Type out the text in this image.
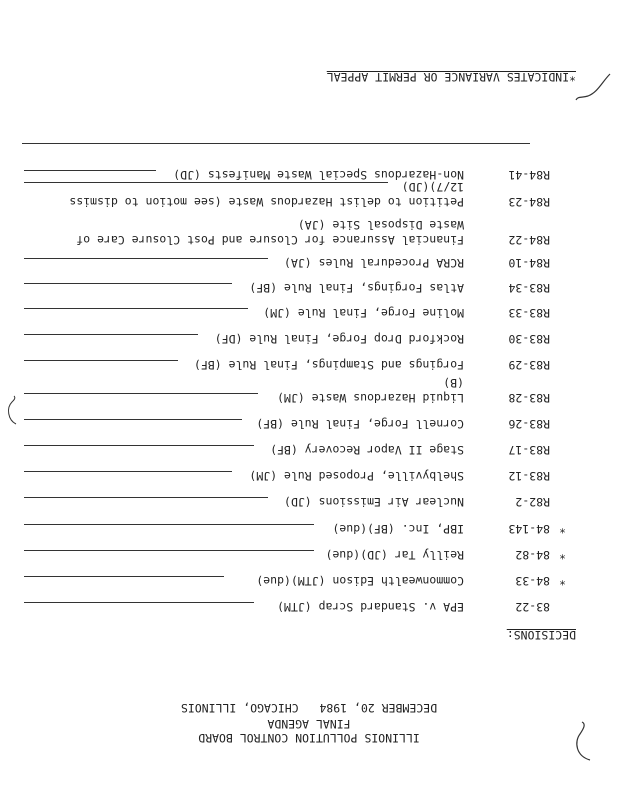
ILLINOIS POLLUTION CONTROL BOARD
FINAL AGENDA
DECEMBER 20, 1984   CHICAGO, ILLINOIS
DECISIONS:
83-22
EPA v. Standard Scrap (JTM)
*
84-33
Commonwealth Edison (JTM)(due)
*
84-82
Reilly Tar (JD)(due)
*
84-143
IBP, Inc. (BF)(due)
R82-2
Nuclear Air Emissions (JD)
R83-12
Shelbyville, Proposed Rule (JM)
R83-17
Stage II Vapor Recovery (BF)
R83-26
Cornell Forge, Final Rule (BF)
R83-28
Liquid Hazardous Waste (JM)
(B)
R83-29
Forgings and Stampings, Final Rule (BF)
R83-30
Rockford Drop Forge, Final Rule (DF)
R83-33
Moline Forge, Final Rule (JM)
R83-34
Atlas Forgings, Final Rule (BF)
R84-10
RCRA Procedural Rules (JA)
R84-22
Financial Assurance for Closure and Post Closure Care of
Waste Disposal Site (JA)
R84-23
Petition to delist Hazardous Waste (see motion to dismiss
12/7)(JD)
R84-41
Non-Hazardous Special Waste Manifests (JD)
*INDICATES VARIANCE OR PERMIT APPEAL
